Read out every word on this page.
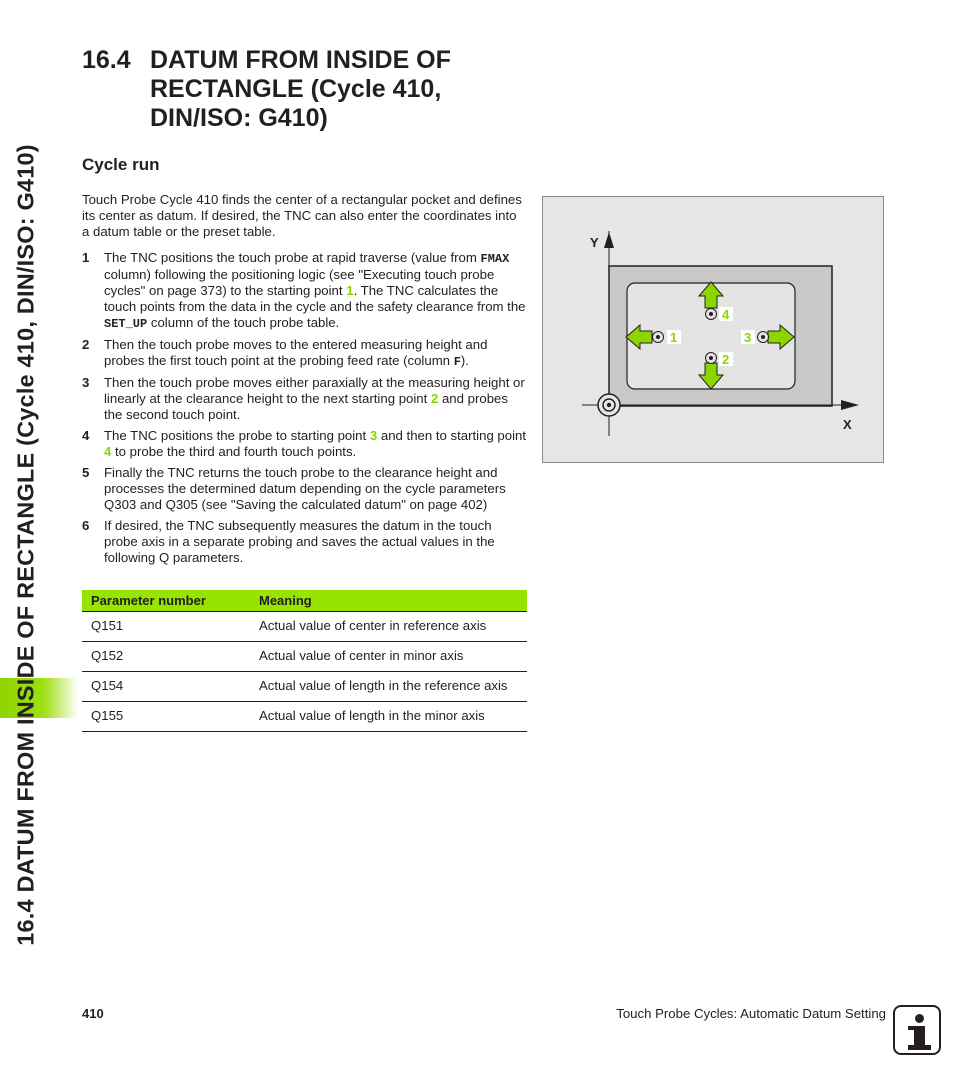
16.4 DATUM FROM INSIDE OF RECTANGLE (Cycle 410, DIN/ISO: G410)
16.4 DATUM FROM INSIDE OF
RECTANGLE (Cycle 410,
DIN/ISO: G410)
Cycle run
Touch Probe Cycle 410 finds the center of a rectangular pocket and defines its center as datum. If desired, the TNC can also enter the coordinates into a datum table or the preset table.
1 The TNC positions the touch probe at rapid traverse (value from FMAX column) following the positioning logic (see "Executing touch probe cycles" on page 373) to the starting point 1. The TNC calculates the touch points from the data in the cycle and the safety clearance from the SET_UP column of the touch probe table.
2 Then the touch probe moves to the entered measuring height and probes the first touch point at the probing feed rate (column F).
3 Then the touch probe moves either paraxially at the measuring height or linearly at the clearance height to the next starting point 2 and probes the second touch point.
4 The TNC positions the probe to starting point 3 and then to starting point 4 to probe the third and fourth touch points.
5 Finally the TNC returns the touch probe to the clearance height and processes the determined datum depending on the cycle parameters Q303 and Q305 (see "Saving the calculated datum" on page 402)
6 If desired, the TNC subsequently measures the datum in the touch probe axis in a separate probing and saves the actual values in the following Q parameters.
Parameter number	Meaning
Q151	Actual value of center in reference axis
Q152	Actual value of center in minor axis
Q154	Actual value of length in the reference axis
Q155	Actual value of length in the minor axis
Y
X
1
2
3
4
410	Touch Probe Cycles: Automatic Datum Setting
